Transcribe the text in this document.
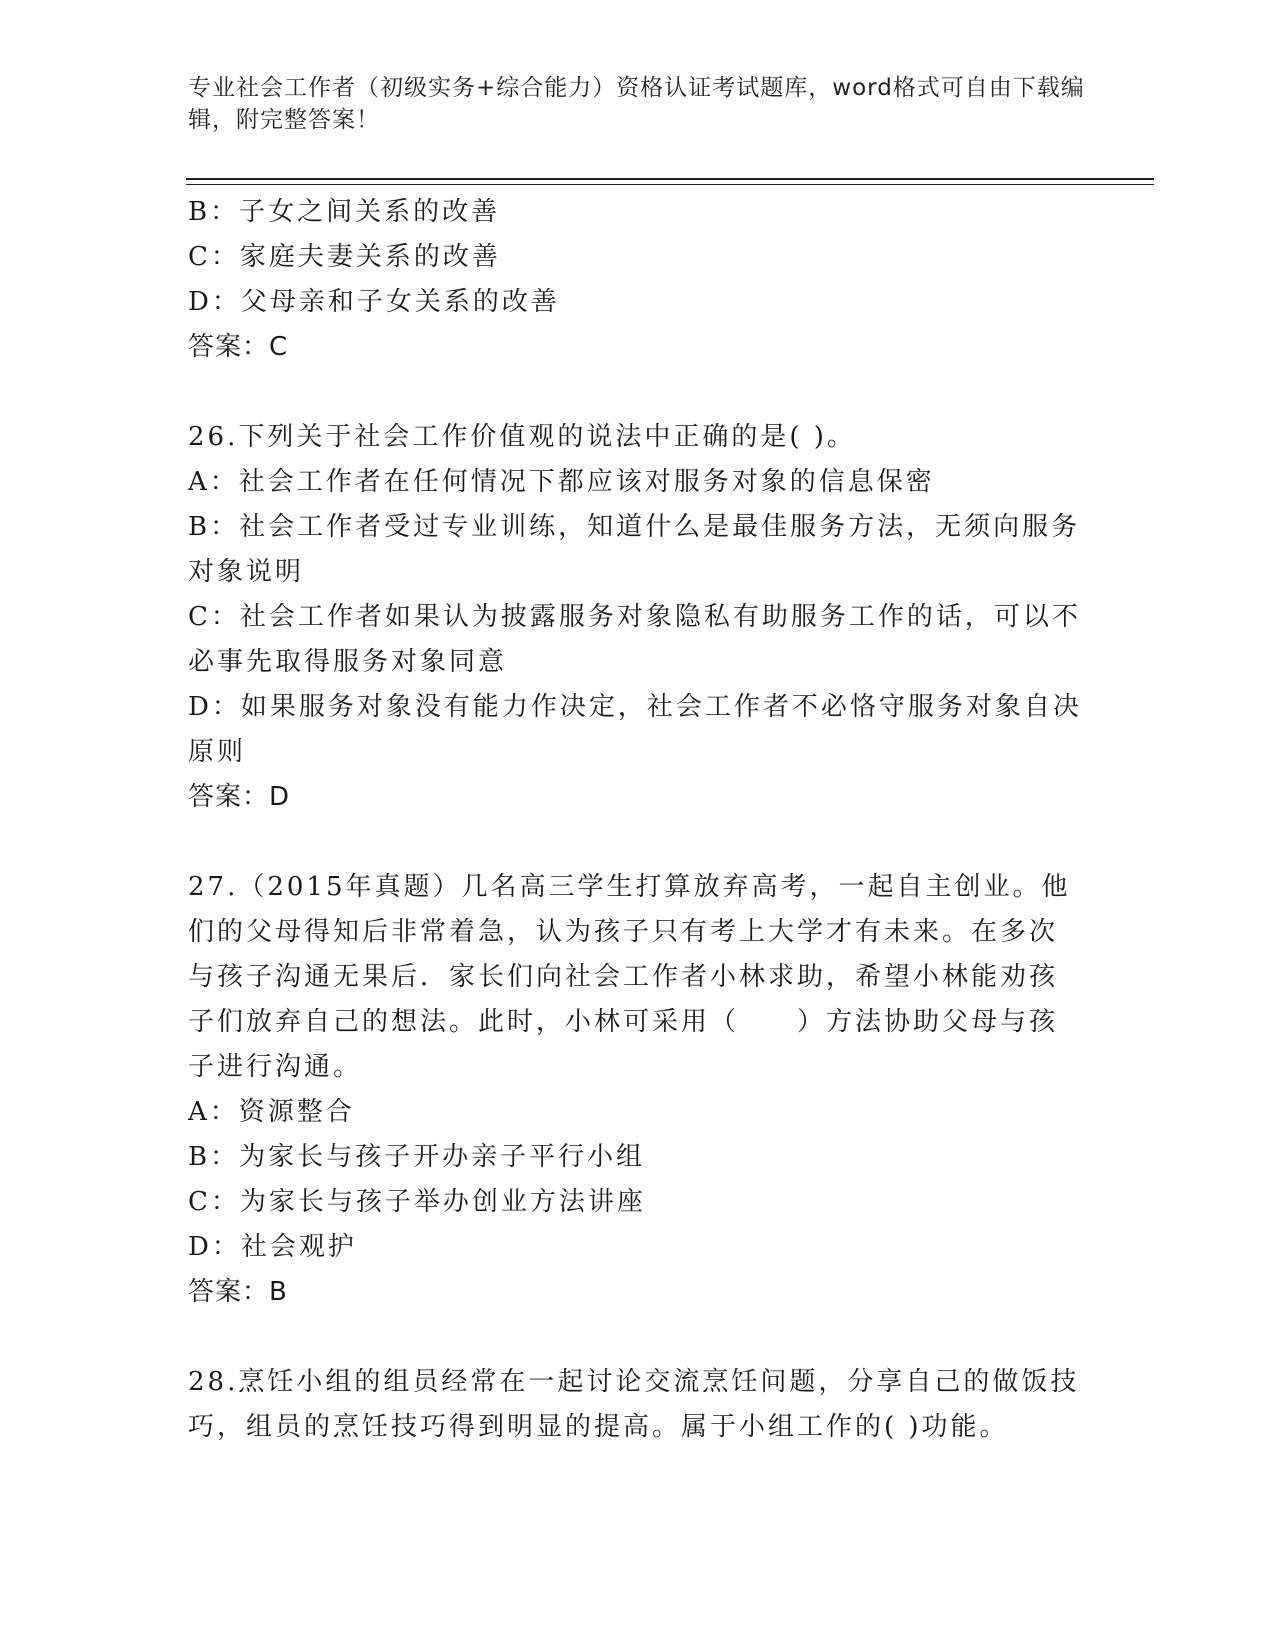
专业社会工作者（初级实务+综合能力）资格认证考试题库，word格式可自由下载编辑，附完整答案！
B：子女之间关系的改善
C：家庭夫妻关系的改善
D：父母亲和子女关系的改善
答案：C
26.下列关于社会工作价值观的说法中正确的是( )。
A：社会工作者在任何情况下都应该对服务对象的信息保密
B：社会工作者受过专业训练，知道什么是最佳服务方法，无须向服务对象说明
C：社会工作者如果认为披露服务对象隐私有助服务工作的话，可以不必事先取得服务对象同意
D：如果服务对象没有能力作决定，社会工作者不必恪守服务对象自决原则
答案：D
27.（2015年真题）几名高三学生打算放弃高考，一起自主创业。他们的父母得知后非常着急，认为孩子只有考上大学才有未来。在多次与孩子沟通无果后．家长们向社会工作者小林求助，希望小林能劝孩子们放弃自己的想法。此时，小林可采用（　　）方法协助父母与孩子进行沟通。
A：资源整合
B：为家长与孩子开办亲子平行小组
C：为家长与孩子举办创业方法讲座
D：社会观护
答案：B
28.烹饪小组的组员经常在一起讨论交流烹饪问题，分享自己的做饭技巧，组员的烹饪技巧得到明显的提高。属于小组工作的( )功能。
